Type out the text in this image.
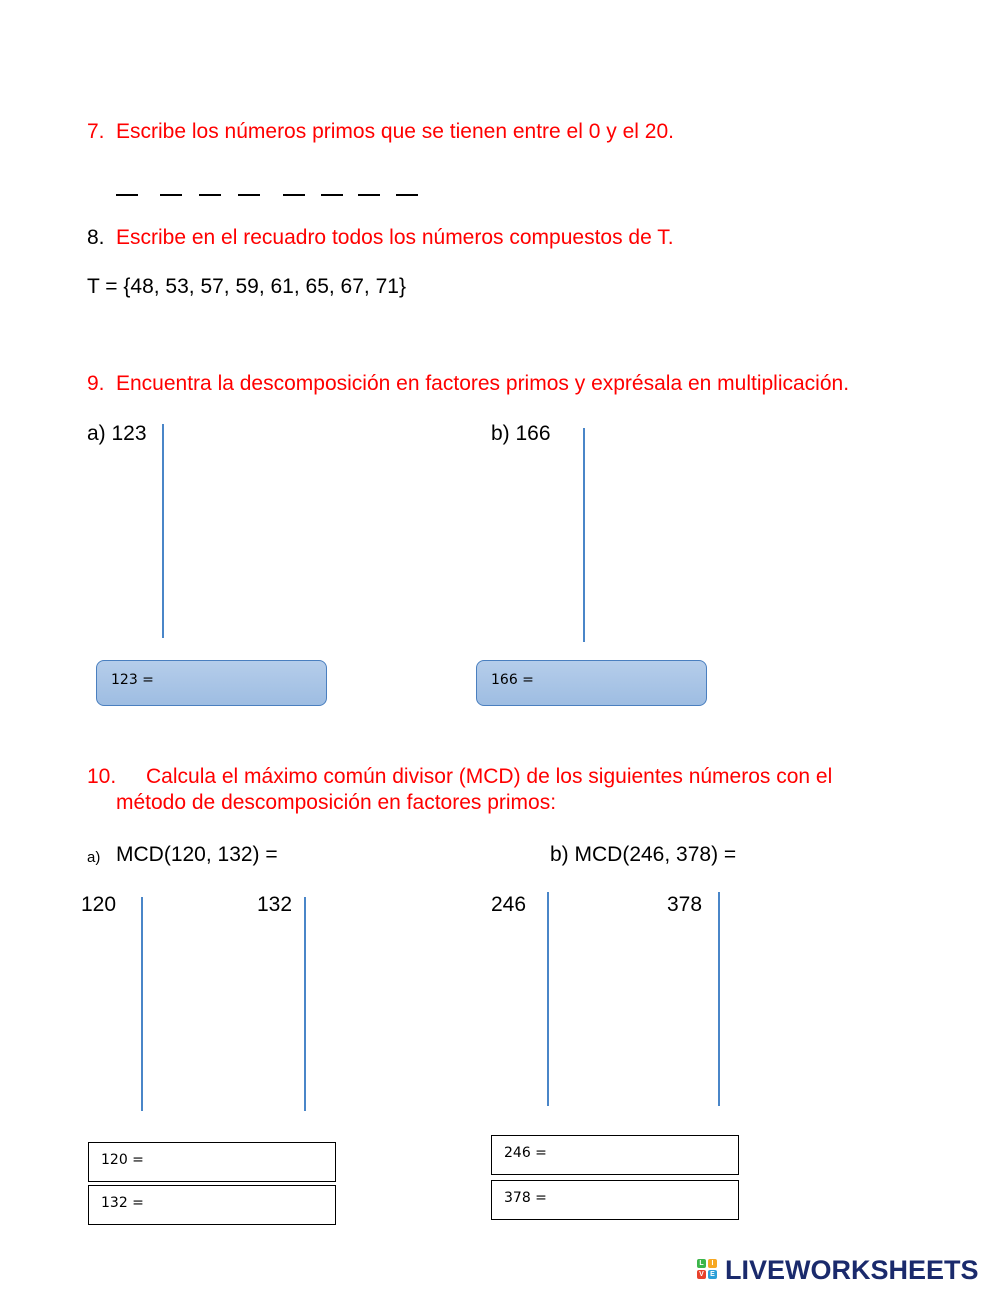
7. Escribe los números primos que se tienen entre el 0 y el 20.
8. Escribe en el recuadro todos los números compuestos de T.
T = {48, 53, 57, 59, 61, 65, 67, 71}
9. Encuentra la descomposición en factores primos y exprésala en multiplicación.
a) 123	b) 166
123 =	166 =
10. Calcula el máximo común divisor (MCD) de los siguientes números con el
método de descomposición en factores primos:
a) MCD(120, 132) =	b) MCD(246, 378) =
120	132	246	378
120 =
132 =
246 =
378 =
L	I
V E LIVEWORKSHEETS
